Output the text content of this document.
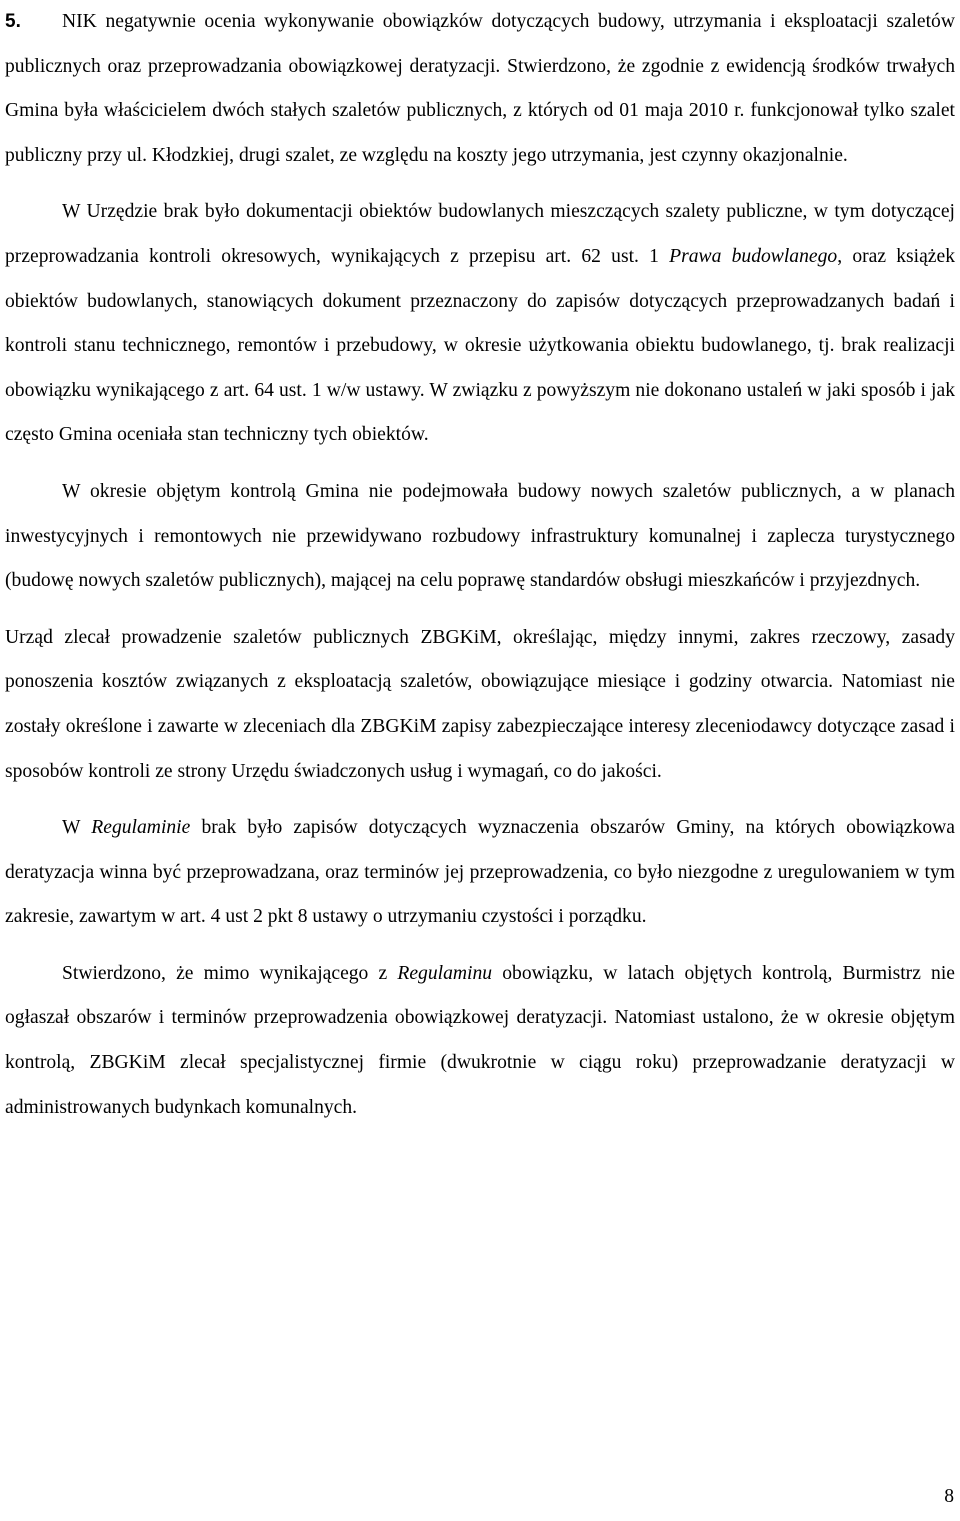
5. NIK negatywnie ocenia wykonywanie obowiązków dotyczących budowy, utrzymania i eksploatacji szaletów publicznych oraz przeprowadzania obowiązkowej deratyzacji. Stwierdzono, że zgodnie z ewidencją środków trwałych Gmina była właścicielem dwóch stałych szaletów publicznych, z których od 01 maja 2010 r. funkcjonował tylko szalet publiczny przy ul. Kłodzkiej, drugi szalet, ze względu na koszty jego utrzymania, jest czynny okazjonalnie.

W Urzędzie brak było dokumentacji obiektów budowlanych mieszczących szalety publiczne, w tym dotyczącej przeprowadzania kontroli okresowych, wynikających z przepisu art. 62 ust. 1 Prawa budowlanego, oraz książek obiektów budowlanych, stanowiących dokument przeznaczony do zapisów dotyczących przeprowadzanych badań i kontroli stanu technicznego, remontów i przebudowy, w okresie użytkowania obiektu budowlanego, tj. brak realizacji obowiązku wynikającego z art. 64 ust. 1 w/w ustawy. W związku z powyższym nie dokonano ustaleń w jaki sposób i jak często Gmina oceniała stan techniczny tych obiektów.

W okresie objętym kontrolą Gmina nie podejmowała budowy nowych szaletów publicznych, a w planach inwestycyjnych i remontowych nie przewidywano rozbudowy infrastruktury komunalnej i zaplecza turystycznego (budowę nowych szaletów publicznych), mającej na celu poprawę standardów obsługi mieszkańców i przyjezdnych.

Urząd zlecał prowadzenie szaletów publicznych ZBGKiM, określając, między innymi, zakres rzeczowy, zasady ponoszenia kosztów związanych z eksploatacją szaletów, obowiązujące miesiące i godziny otwarcia. Natomiast nie zostały określone i zawarte w zleceniach dla ZBGKiM zapisy zabezpieczające interesy zleceniodawcy dotyczące zasad i sposobów kontroli ze strony Urzędu świadczonych usług i wymagań, co do jakości.

W Regulaminie brak było zapisów dotyczących wyznaczenia obszarów Gminy, na których obowiązkowa deratyzacja winna być przeprowadzana, oraz terminów jej przeprowadzenia, co było niezgodne z uregulowaniem w tym zakresie, zawartym w art. 4 ust 2 pkt 8 ustawy o utrzymaniu czystości i porządku.

Stwierdzono, że mimo wynikającego z Regulaminu obowiązku, w latach objętych kontrolą, Burmistrz nie ogłaszał obszarów i terminów przeprowadzenia obowiązkowej deratyzacji. Natomiast ustalono, że w okresie objętym kontrolą, ZBGKiM zlecał specjalistycznej firmie (dwukrotnie w ciągu roku) przeprowadzanie deratyzacji w administrowanych budynkach komunalnych.

8
